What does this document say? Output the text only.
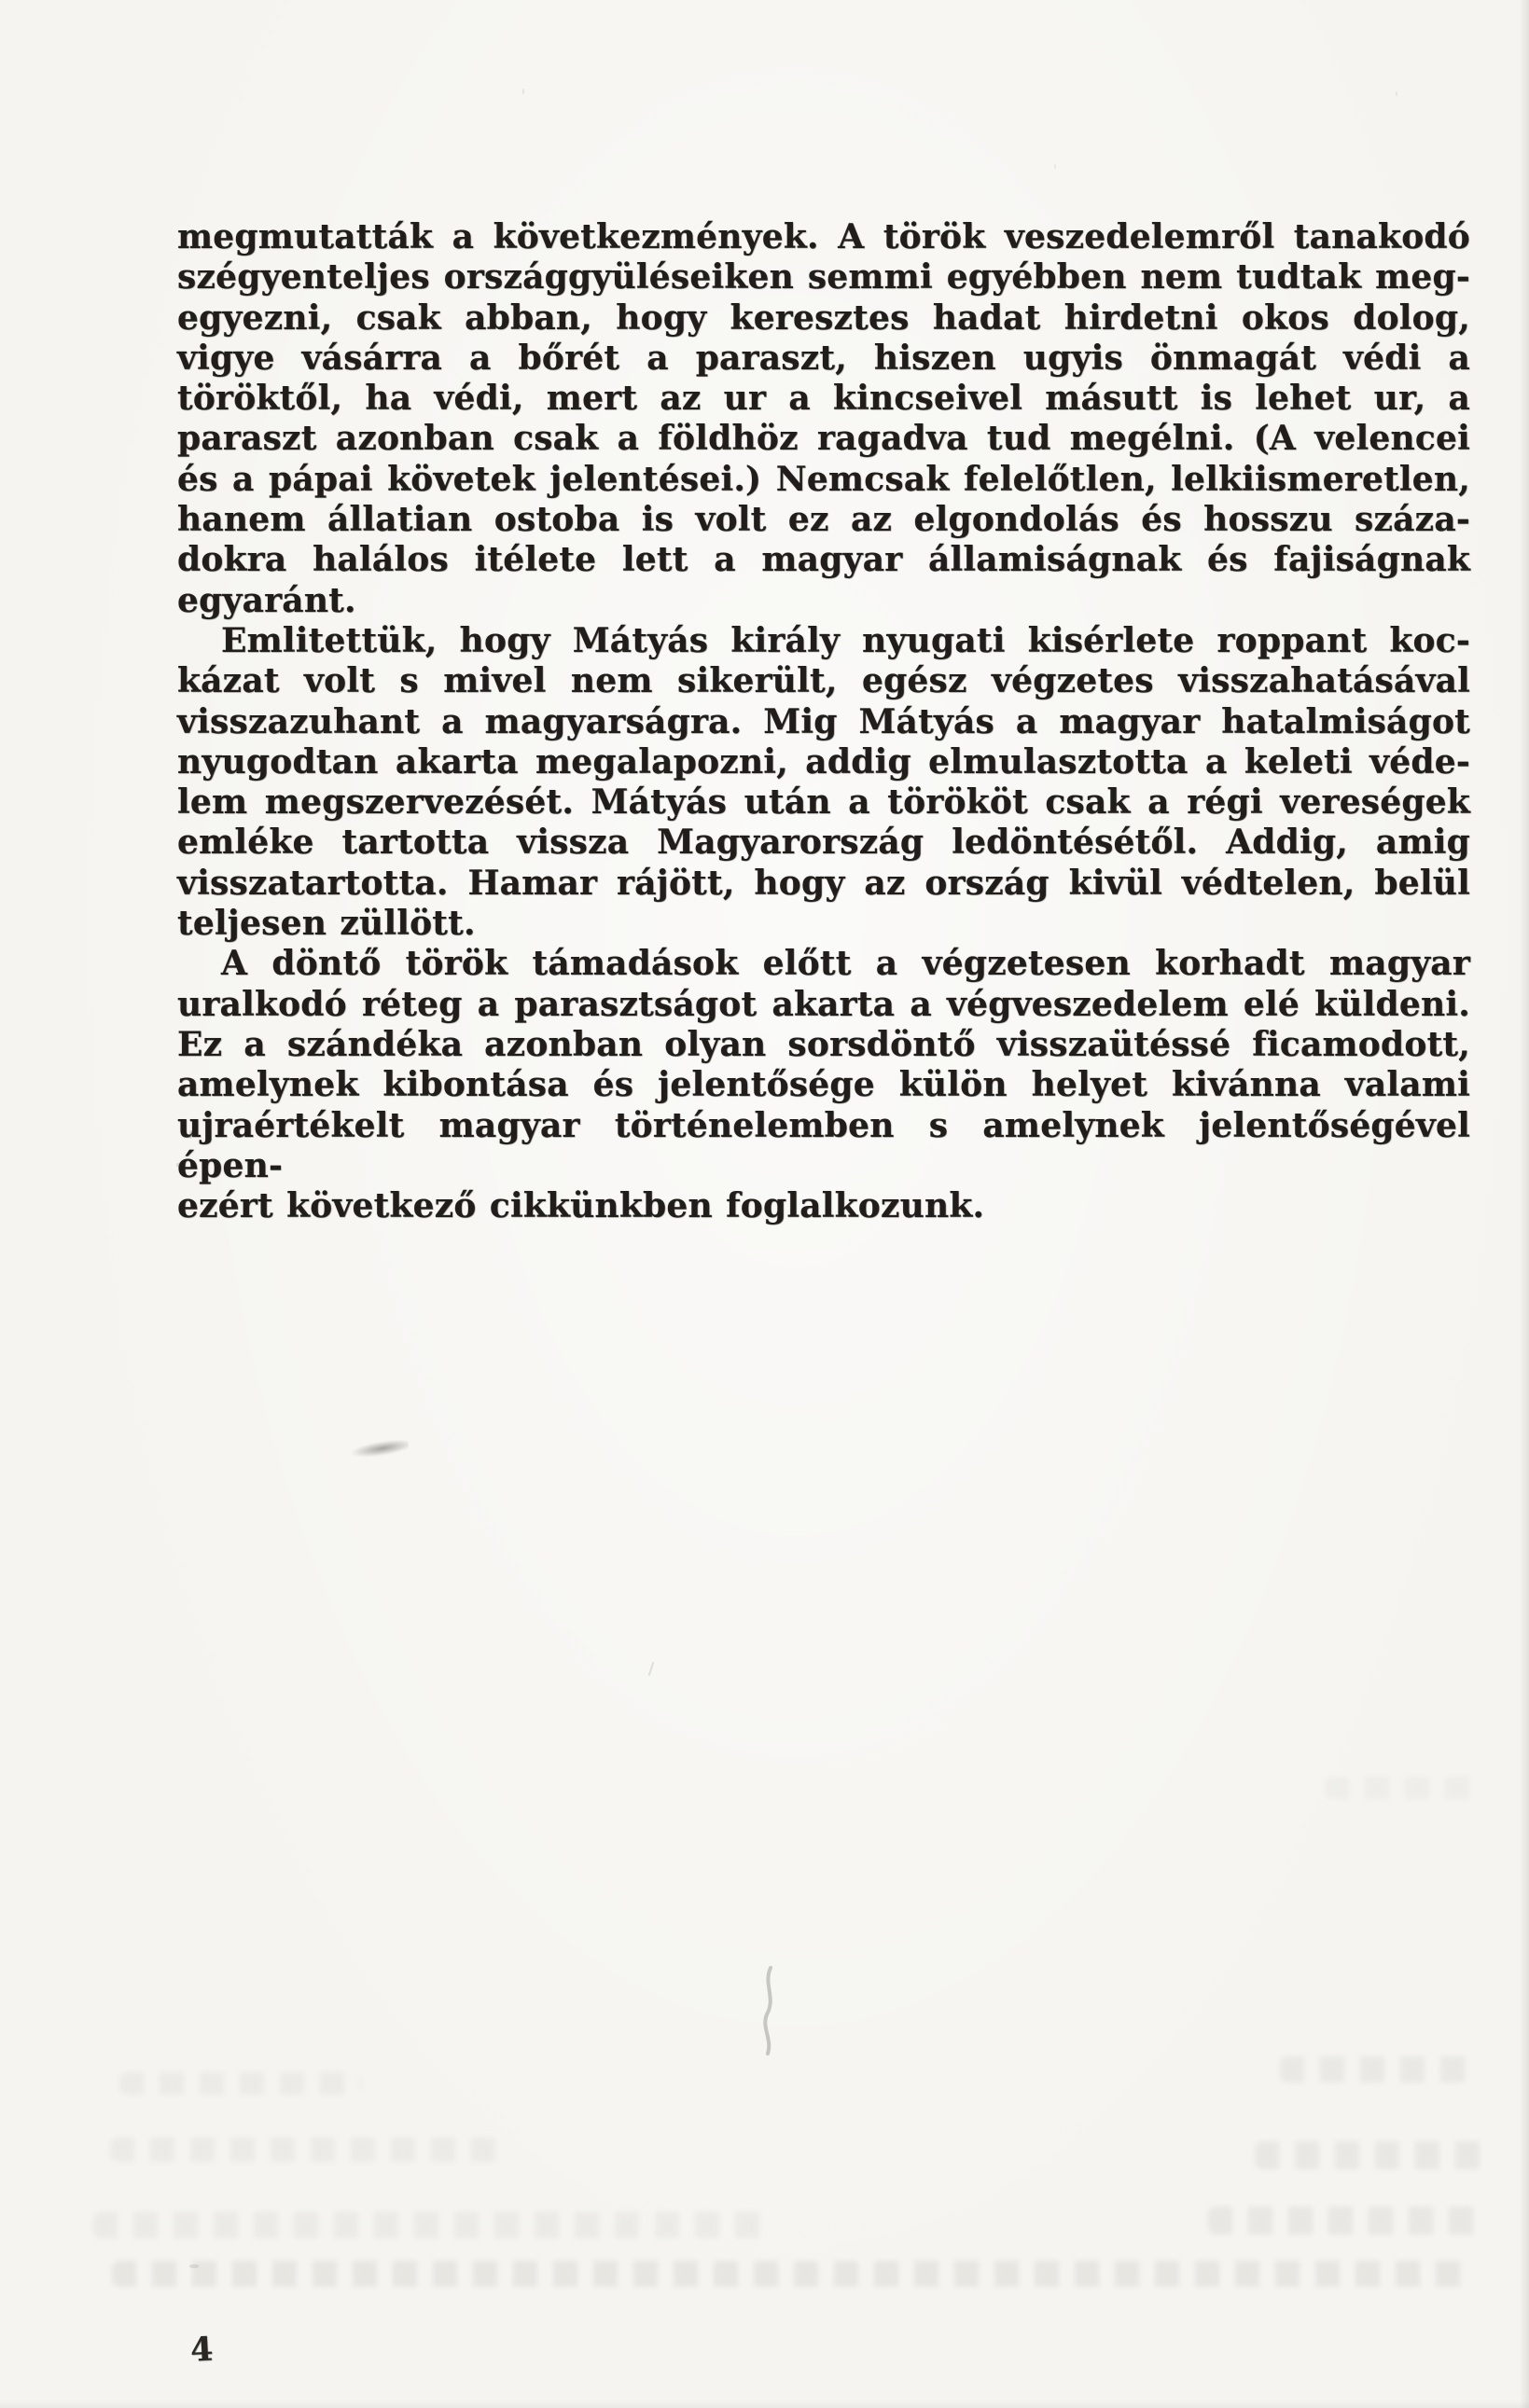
megmutatták a következmények. A török veszedelemről tanakodó
szégyenteljes országgyüléseiken semmi egyébben nem tudtak meg-
egyezni, csak abban, hogy keresztes hadat hirdetni okos dolog,
vigye vásárra a bőrét a paraszt, hiszen ugyis önmagát védi a
töröktől, ha védi, mert az ur a kincseivel másutt is lehet ur, a
paraszt azonban csak a földhöz ragadva tud megélni. (A velencei
és a pápai követek jelentései.) Nemcsak felelőtlen, lelkiismeretlen,
hanem állatian ostoba is volt ez az elgondolás és hosszu száza-
dokra halálos itélete lett a magyar államiságnak és fajiságnak
egyaránt.
Emlitettük, hogy Mátyás király nyugati kisérlete roppant koc-
kázat volt s mivel nem sikerült, egész végzetes visszahatásával
visszazuhant a magyarságra. Mig Mátyás a magyar hatalmiságot
nyugodtan akarta megalapozni, addig elmulasztotta a keleti véde-
lem megszervezését. Mátyás után a törököt csak a régi vereségek
emléke tartotta vissza Magyarország ledöntésétől. Addig, amig
visszatartotta. Hamar rájött, hogy az ország kivül védtelen, belül
teljesen züllött.
A döntő török támadások előtt a végzetesen korhadt magyar
uralkodó réteg a parasztságot akarta a végveszedelem elé küldeni.
Ez a szándéka azonban olyan sorsdöntő visszaütéssé ficamodott,
amelynek kibontása és jelentősége külön helyet kivánna valami
ujraértékelt magyar történelemben s amelynek jelentőségével épen-
ezért következő cikkünkben foglalkozunk.
4
